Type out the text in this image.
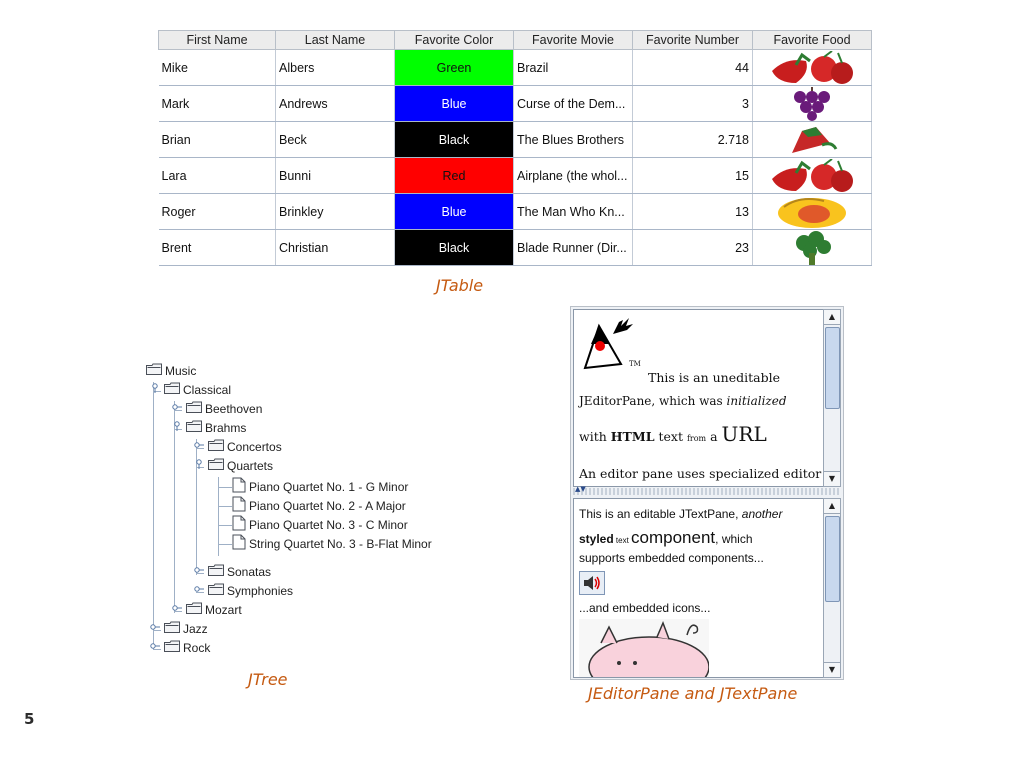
First Name	Last Name	Favorite Color	Favorite Movie	Favorite Number	Favorite Food
Mike	Albers	Green	Brazil	44	

Mark	Andrews	Blue	Curse of the Dem...	3	

Brian	Beck	Black	The Blues Brothers	2.718	

Lara	Bunni	Red	Airplane (the whol...	15	

Roger	Brinkley	Blue	The Man Who Kn...	13	

Brent	Christian	Black	Blade Runner (Dir...	23	
JTable
Music
Classical
Beethoven
Brahms
Concertos
Quartets
Piano Quartet No. 1 - G Minor
Piano Quartet No. 2 - A Major
Piano Quartet No. 3 - C Minor
String Quartet No. 3 - B-Flat Minor
Sonatas
Symphonies
Mozart
Jazz
Rock
JTree
TM
This is an uneditable
JEditorPane, which was initialized
with HTML text from a URL
An editor pane uses specialized editor
▲
▼
▲▼
This is an editable JTextPane, another
styled text component, which
supports embedded components...
...and embedded icons...
▲
▼
JEditorPane and JTextPane
5
